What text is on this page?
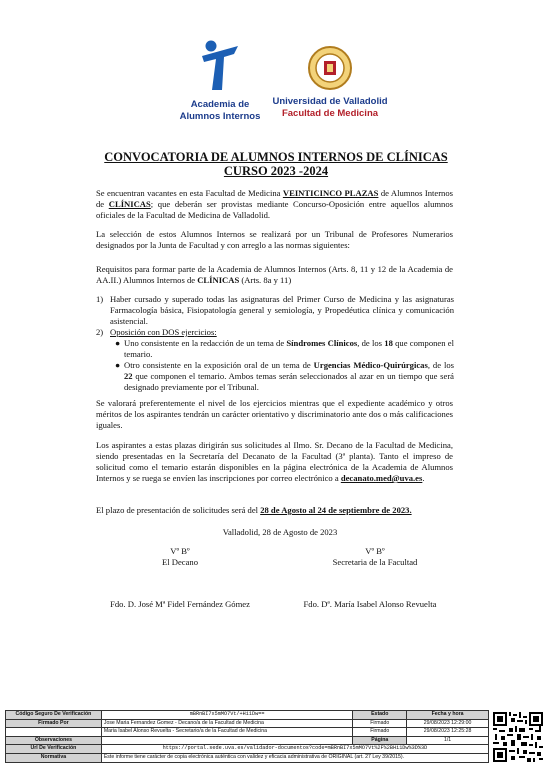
Academia de
Alumnos Internos
Universidad de Valladolid
Facultad de Medicina
CONVOCATORIA DE ALUMNOS INTERNOS DE CLÍNICAS
CURSO 2023 -2024
Se encuentran vacantes en esta Facultad de Medicina VEINTICINCO PLAZAS de Alumnos Internos de CLÍNICAS; que deberán ser provistas mediante Concurso-Oposición entre aquellos alumnos oficiales de la Facultad de Medicina de Valladolid.
La selección de estos Alumnos Internos se realizará por un Tribunal de Profesores Numerarios designados por la Junta de Facultad y con arreglo a las normas siguientes:
Requisitos para formar parte de la Academia de Alumnos Internos (Arts. 8, 11 y 12 de la Academia de AA.II.) Alumnos Internos de CLÍNICAS (Arts. 8a y 11)
1) Haber cursado y superado todas las asignaturas del Primer Curso de Medicina y las asignaturas Farmacología básica, Fisiopatología general y semiología, y Propedéutica clínica y comunicación asistencial.
2) Oposición con DOS ejercicios:
● Uno consistente en la redacción de un tema de Síndromes Clínicos, de los 18 que componen el temario.
● Otro consistente en la exposición oral de un tema de Urgencias Médico-Quirúrgicas, de los 22 que componen el temario. Ambos temas serán seleccionados al azar en un tiempo que será designado previamente por el Tribunal.
Se valorará preferentemente el nivel de los ejercicios mientras que el expediente académico y otros méritos de los aspirantes tendrán un carácter orientativo y discriminatorio ante dos o más calificaciones iguales.
Los aspirantes a estas plazas dirigirán sus solicitudes al Ilmo. Sr. Decano de la Facultad de Medicina, siendo presentadas en la Secretaría del Decanato de la Facultad (3ª planta). Tanto el impreso de solicitud como el temario estarán disponibles en la página electrónica de la Academia de Alumnos Internos y se ruega se envíen las inscripciones por correo electrónico a decanato.med@uva.es.
El plazo de presentación de solicitudes será del 28 de Agosto al 24 de septiembre de 2023.
Valladolid, 28 de Agosto de 2023
Vº Bº
El Decano
Vº Bº
Secretaria de la Facultad
Fdo. D. José Mª Fidel Fernández Gómez	Fdo. Dª. María Isabel Alonso Revuelta
Código Seguro De Verificación	mBRnBI7x5mMO7Vt/+Hi1Dw==	Estado	Fecha y hora
Firmado Por	Jose Maria Fernandez Gomez - Decano/a de la Facultad de Medicina	Firmado	29/08/2023 12:29:00
	Maria Isabel Alonso Revuelta - Secretario/a de la Facultad de Medicina	Firmado	29/08/2023 12:25:28
Observaciones		Página	1/1
Url De Verificación	https://portal.sede.uva.es/validador-documentos?code=mBRnBI7x5mMO7Vt%2F%2BHi1Dw%3D%3D		
Normativa	Este informe tiene carácter de copia electrónica auténtica con validez y eficacia administrativa de ORIGINAL (art. 27 Ley 39/2015).		
